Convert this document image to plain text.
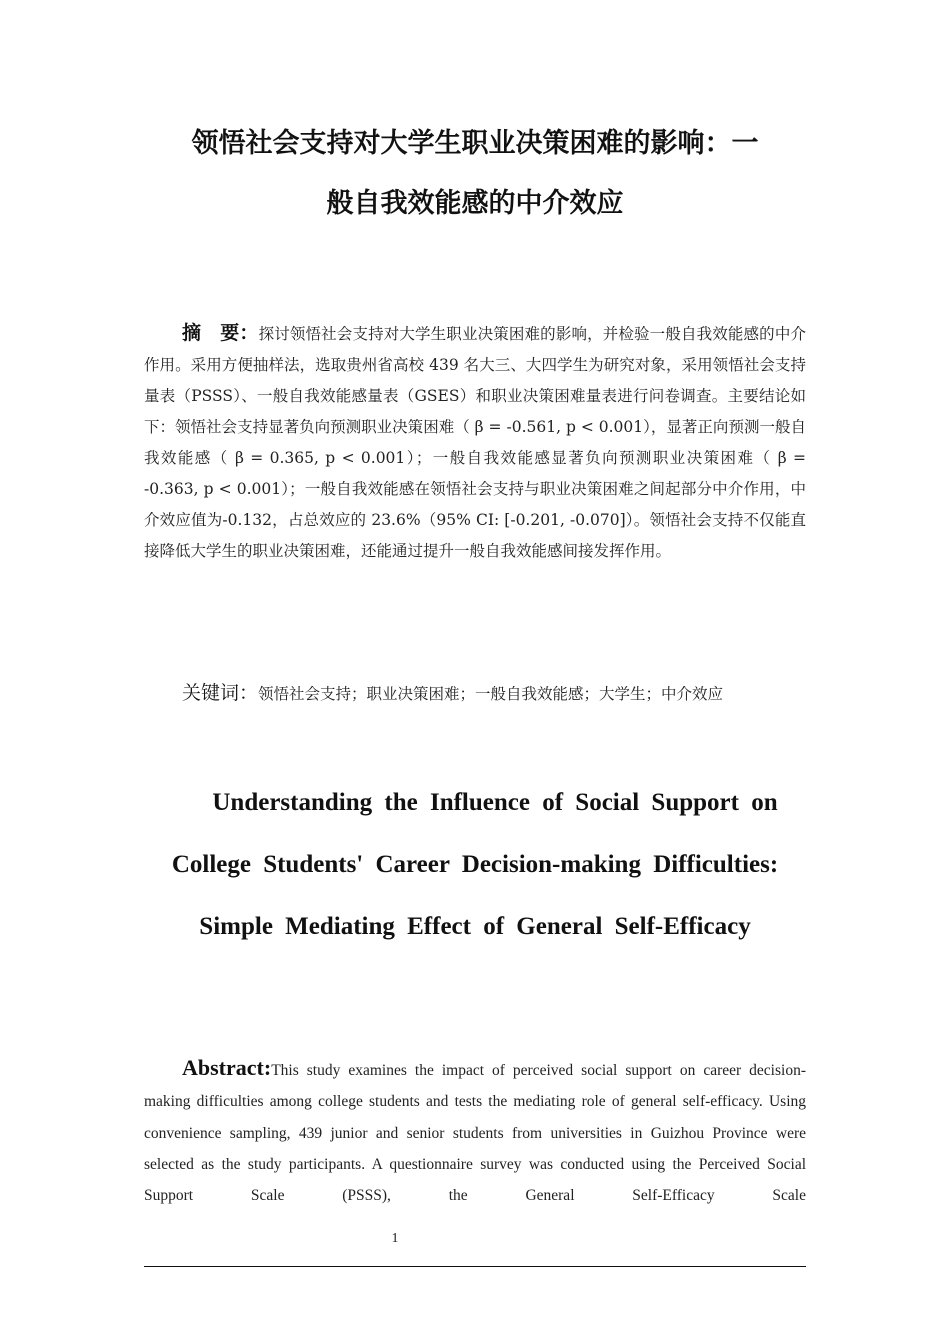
领悟社会支持对大学生职业决策困难的影响：一
般自我效能感的中介效应

摘　要：探讨领悟社会支持对大学生职业决策困难的影响，并检验一般自我效能感的中介作用。采用方便抽样法，选取贵州省高校 439 名大三、大四学生为研究对象，采用领悟社会支持量表（PSSS）、一般自我效能感量表（GSES）和职业决策困难量表进行问卷调查。主要结论如下：领悟社会支持显著负向预测职业决策困难（ β = -0.561, p < 0.001），显著正向预测一般自我效能感（ β = 0.365, p < 0.001）；一般自我效能感显著负向预测职业决策困难（ β = -0.363, p < 0.001）；一般自我效能感在领悟社会支持与职业决策困难之间起部分中介作用，中介效应值为-0.132，占总效应的 23.6%（95% CI: [-0.201, -0.070]）。领悟社会支持不仅能直接降低大学生的职业决策困难，还能通过提升一般自我效能感间接发挥作用。

关键词：领悟社会支持；职业决策困难；一般自我效能感；大学生；中介效应
Understanding the Influence of Social Support on
College Students' Career Decision-making Difficulties:
Simple Mediating Effect of General Self-Efficacy

Abstract:This study examines the impact of perceived social support on career decision-making difficulties among college students and tests the mediating role of general self-efficacy. Using convenience sampling, 439 junior and senior students from universities in Guizhou Province were selected as the study participants. A questionnaire survey was conducted using the Perceived Social Support Scale (PSSS), the General Self-Efficacy Scale

1
